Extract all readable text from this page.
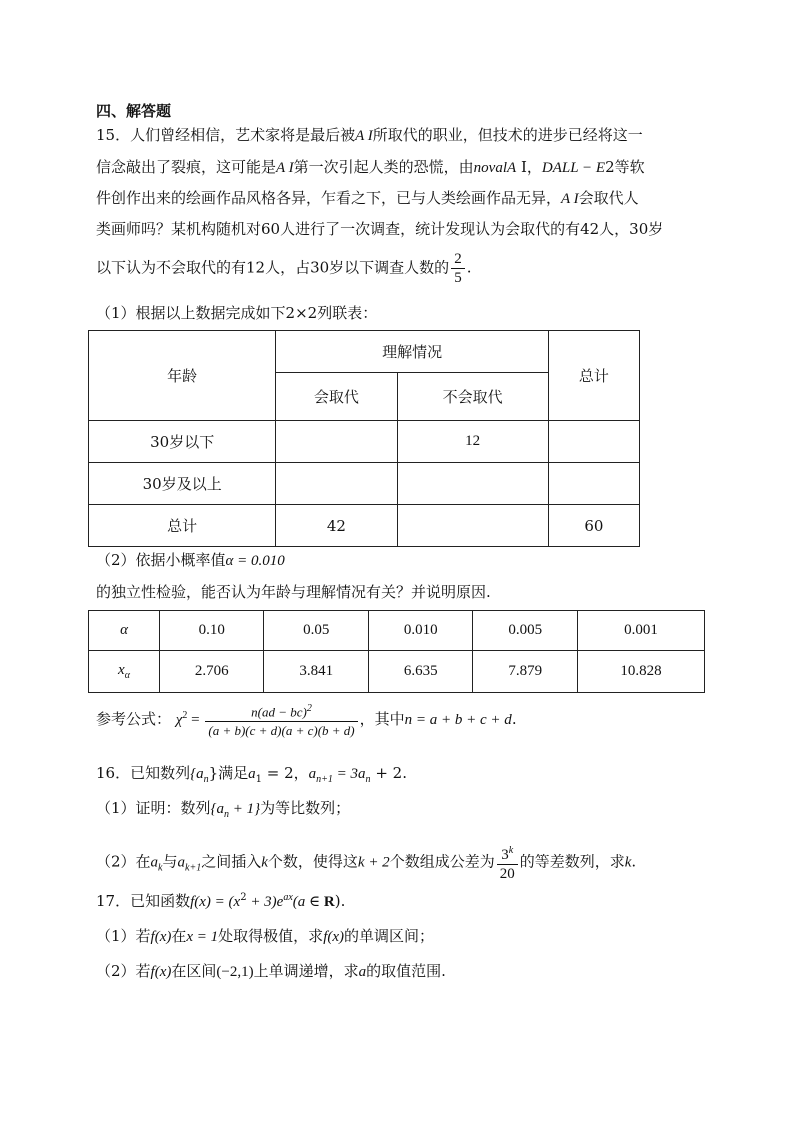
四、解答题
15．人们曾经相信，艺术家将是最后被A I所取代的职业，但技术的进步已经将这一
信念敲出了裂痕，这可能是A I第一次引起人类的恐慌，由novalA I，DALL − E2等软
件创作出来的绘画作品风格各异，乍看之下，已与人类绘画作品无异，A I会取代人
类画师吗？某机构随机对60人进行了一次调查，统计发现认为会取代的有42人，30岁
以下认为不会取代的有12人，占30岁以下调查人数的 $\frac{2}{5}$ .
（1）根据以上数据完成如下2×2列联表：
年龄	理解情况		总计
	会取代	不会取代	
30岁以下		12	
30岁及以上			
总计	42		60
（2）依据小概率值α = 0.010
的独立性检验，能否认为年龄与理解情况有关？并说明原因.
α	0.10	0.05	0.010	0.005	0.001
$x_\alpha$	2.706	3.841	6.635	7.879	10.828
参考公式： $\chi^2 = \frac{n(ad - bc)^2}{(a + b)(c + d)(a + c)(b + d)}$ ，其中n = a + b + c + d.
16．已知数列$\{a_n\}$满足$a_1 = 2$，$a_{n+1} = 3a_n + 2$.
（1）证明：数列$\{a_n + 1\}$为等比数列；
（2）在$a_k$与$a_{k+1}$之间插入k个数，使得这k + 2个数组成公差为 $\frac{3^k}{20}$ 的等差数列，求k.
17．已知函数$f(x) = (x^2 + 3)e^{ax}(a$ ∈ R).
（1）若f(x)在x = 1处取得极值，求f(x)的单调区间；
（2）若f(x)在区间(−2,1)上单调递增，求a的取值范围.
